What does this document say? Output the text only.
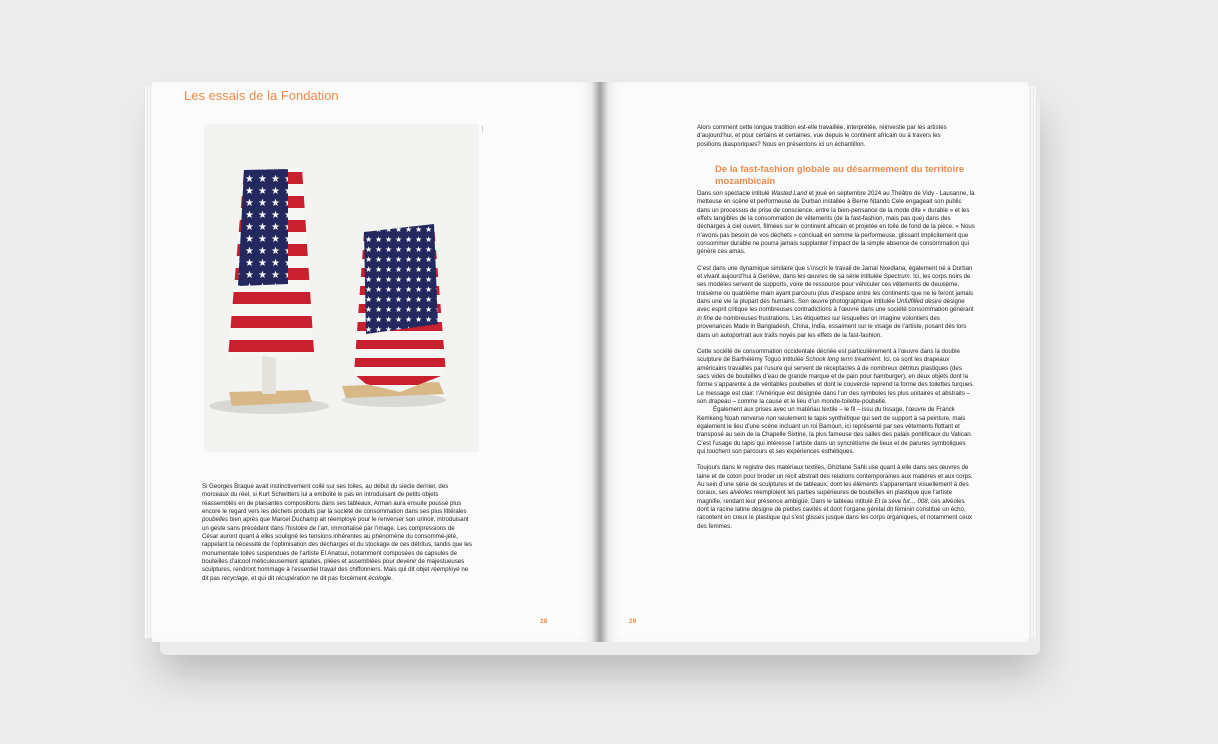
Les essais de la Fondation
|

Si Georges Braque avait instinctivement collé sur ses toiles, au début du siècle dernier, des morceaux du réel, si Kurt Schwitters lui a emboîté le pas en introduisant de petits objets réassemblés en de plaisantes compositions dans ses tableaux, Arman aura ensuite poussé plus encore le regard vers les déchets produits par la société de consommation dans ses plus littérales poubelles bien après que Marcel Duchamp ait réemployé pour le renverser son urinoir, introduisant un geste sans précédent dans l’histoire de l’art, immortalisé par l’image. Les compressions de César auront quant à elles souligné les tensions inhérentes au phénomène du consommé-jeté, rappelant la nécessité de l’optimisation des décharges et du stockage de ces détritus, tandis que les monumentale toiles suspendues de l’artiste El Anatsui, notamment composées de capsules de bouteilles d’alcool méticuleusement aplaties, pliées et assemblées pour devenir de majestueuses sculptures, rendront hommage à l’essentiel travail des chiffonniers. Mais qui dit objet réemployé ne dit pas recyclage, et qui dit récupération ne dit pas forcément écologie.

28
Alors comment cette longue tradition est-elle travaillée, interprétée, réinvestie par les artistes d’aujourd’hui, et pour certains et certaines, vue depuis le continent africain ou à travers les positions diasporiques? Nous en présentons ici un échantillon.
De la fast-fashion globale au désarmement du territoire mozambicain

Dans son spectacle intitulé Wasted Land et joué en septembre 2024 au Théâtre de Vidy - Lausanne, la metteuse en scène et performeuse de Durban installée à Berne Ntando Cele engageait son public dans un processus de prise de conscience, entre la bien-pensance de la mode dite « durable » et les effets tangibles de la consommation de vêtements (de la fast-fashion, mais pas que) dans des décharges à ciel ouvert, filmées sur le continent africain et projetée en toile de fond de la pièce. « Nous n’avons pas besoin de vos déchets » concluait en somme la performeuse, glissant implicitement que consommer durable ne pourra jamais supplanter l’impact de la simple absence de consommation qui génère ces amas.

C’est dans une dynamique similaire que s’inscrit le travail de Jamal Nxedlana, également né à Durban et vivant aujourd’hui à Genève, dans les œuvres de sa série intitulée Spectrum. Ici, les corps noirs de ses modèles servent de supports, voire de ressource pour véhiculer ces vêtements de deuxième, troisième ou quatrième main ayant parcouru plus d’espace entre les continents que ne le feront jamais dans une vie la plupart des humains. Son œuvre photographique intitulée Unfulfilled desire désigne avec esprit critique les nombreuses contradictions à l’œuvre dans une société consommation générant in fine de nombreuses frustrations. Les étiquettes sur lesquelles on imagine volontiers des provenances Made in Bangladesh, China, India, essaiment sur le visage de l’artiste, posant dès lors dans un autoportrait aux traits noyés par les effets de la fast-fashion.

Cette société de consommation occidentale décriée est particulièrement à l’œuvre dans la double sculpture de Barthélémy Toguo intitulée Schook long term treatment. Ici, ce sont les drapeaux américains travaillés par l’usure qui servent de réceptacles à de nombreux détritus plastiques (des sacs vides de bouteilles d’eau de grande marque et de pain pour hamburger), en deux objets dont la forme s’apparente à de véritables poubelles et dont le couvercle reprend la forme des toilettes turques. Le message est clair: l’Amérique est désignée dans l’un des symboles les plus unitaires et abstraits – son drapeau – comme la cause et le lieu d’un monde-toilette-poubelle.

Également aux prises avec un matériau textile – le fil – issu du tissage, l’œuvre de Franck Kemkeng Noah renverse non seulement le tapis synthétique qui sert de support à sa peinture, mais également le lieu d’une scène incluant un roi Bamoun, ici représenté par ses vêtements flottant et transposé au sein de la Chapelle Sixtine, la plus fameuse des salles des palais pontificaux du Vatican. C’est l’usage du tapis qui intéresse l’artiste dans un syncrétisme de lieux et de parures symboliques qui touchent son parcours et ses expériences esthétiques.

Toujours dans le registre des matériaux textiles, Ghizlane Sahli use quant à elle dans ses œuvres de laine et de coton pour broder un récit abstrait des relations contemporaines aux matières et aux corps. Au sein d’une série de sculptures et de tableaux, dont les éléments s’apparentant visuellement à des coraux, ses alvéoles réemploient les parties supérieures de bouteilles en plastique que l’artiste magnifie, rendant leur présence ambigüe. Dans le tableau intitulé Et la sève fut… 008, ces alvéoles dont la racine latine désigne de petites cavités et dont l’organe génital dit féminin constitue un écho, racontent en creux le plastique qui s’est glissés jusque dans les corps organiques, et notamment ceux des femmes.

29
